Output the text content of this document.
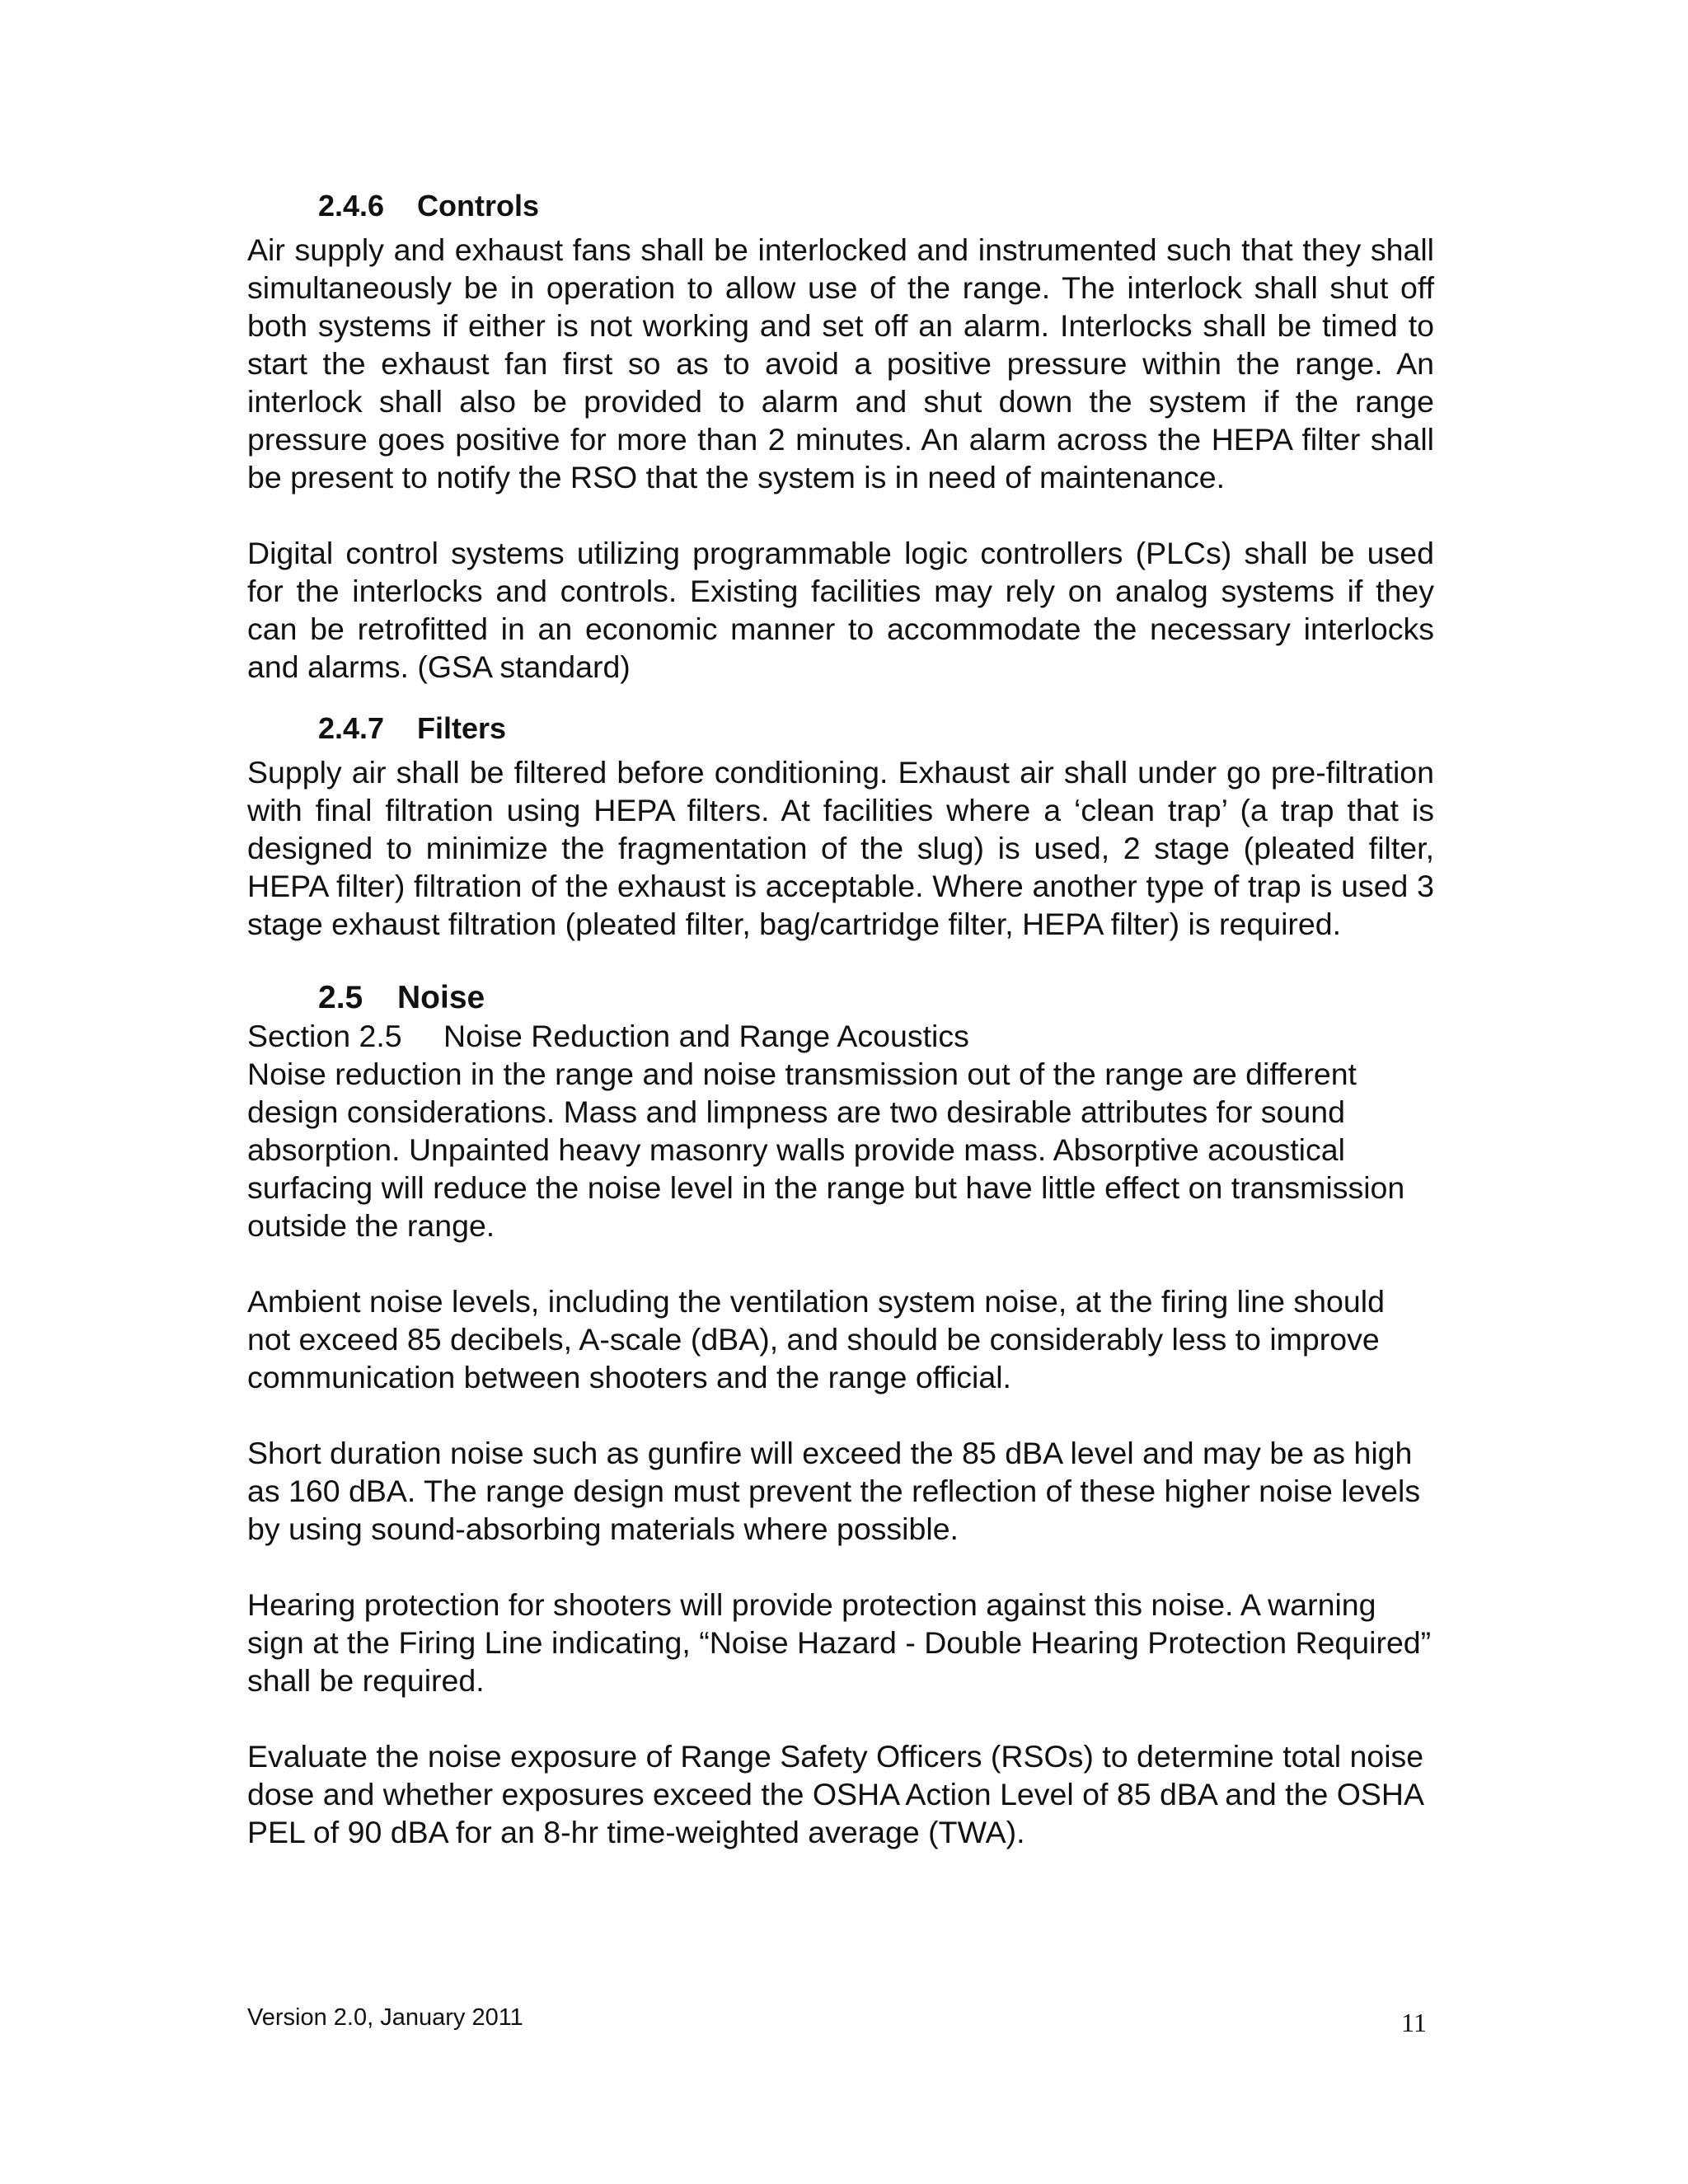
2.4.6 Controls

Air supply and exhaust fans shall be interlocked and instrumented such that they shall simultaneously be in operation to allow use of the range. The interlock shall shut off both systems if either is not working and set off an alarm. Interlocks shall be timed to start the exhaust fan first so as to avoid a positive pressure within the range. An interlock shall also be provided to alarm and shut down the system if the range pressure goes positive for more than 2 minutes. An alarm across the HEPA filter shall be present to notify the RSO that the system is in need of maintenance.

Digital control systems utilizing programmable logic controllers (PLCs) shall be used for the interlocks and controls. Existing facilities may rely on analog systems if they can be retrofitted in an economic manner to accommodate the necessary interlocks and alarms. (GSA standard)

2.4.7 Filters

Supply air shall be filtered before conditioning. Exhaust air shall under go pre-filtration with final filtration using HEPA filters. At facilities where a ‘clean trap’ (a trap that is designed to minimize the fragmentation of the slug) is used, 2 stage (pleated filter, HEPA filter) filtration of the exhaust is acceptable. Where another type of trap is used 3 stage exhaust filtration (pleated filter, bag/cartridge filter, HEPA filter) is required.

2.5 Noise
Section 2.5 Noise Reduction and Range Acoustics

Noise reduction in the range and noise transmission out of the range are different design considerations. Mass and limpness are two desirable attributes for sound absorption. Unpainted heavy masonry walls provide mass. Absorptive acoustical surfacing will reduce the noise level in the range but have little effect on transmission outside the range.

Ambient noise levels, including the ventilation system noise, at the firing line should not exceed 85 decibels, A-scale (dBA), and should be considerably less to improve communication between shooters and the range official.

Short duration noise such as gunfire will exceed the 85 dBA level and may be as high as 160 dBA. The range design must prevent the reflection of these higher noise levels by using sound-absorbing materials where possible.

Hearing protection for shooters will provide protection against this noise. A warning sign at the Firing Line indicating, “Noise Hazard - Double Hearing Protection Required” shall be required.

Evaluate the noise exposure of Range Safety Officers (RSOs) to determine total noise dose and whether exposures exceed the OSHA Action Level of 85 dBA and the OSHA PEL of 90 dBA for an 8-hr time-weighted average (TWA).

Version 2.0, January 2011	11
